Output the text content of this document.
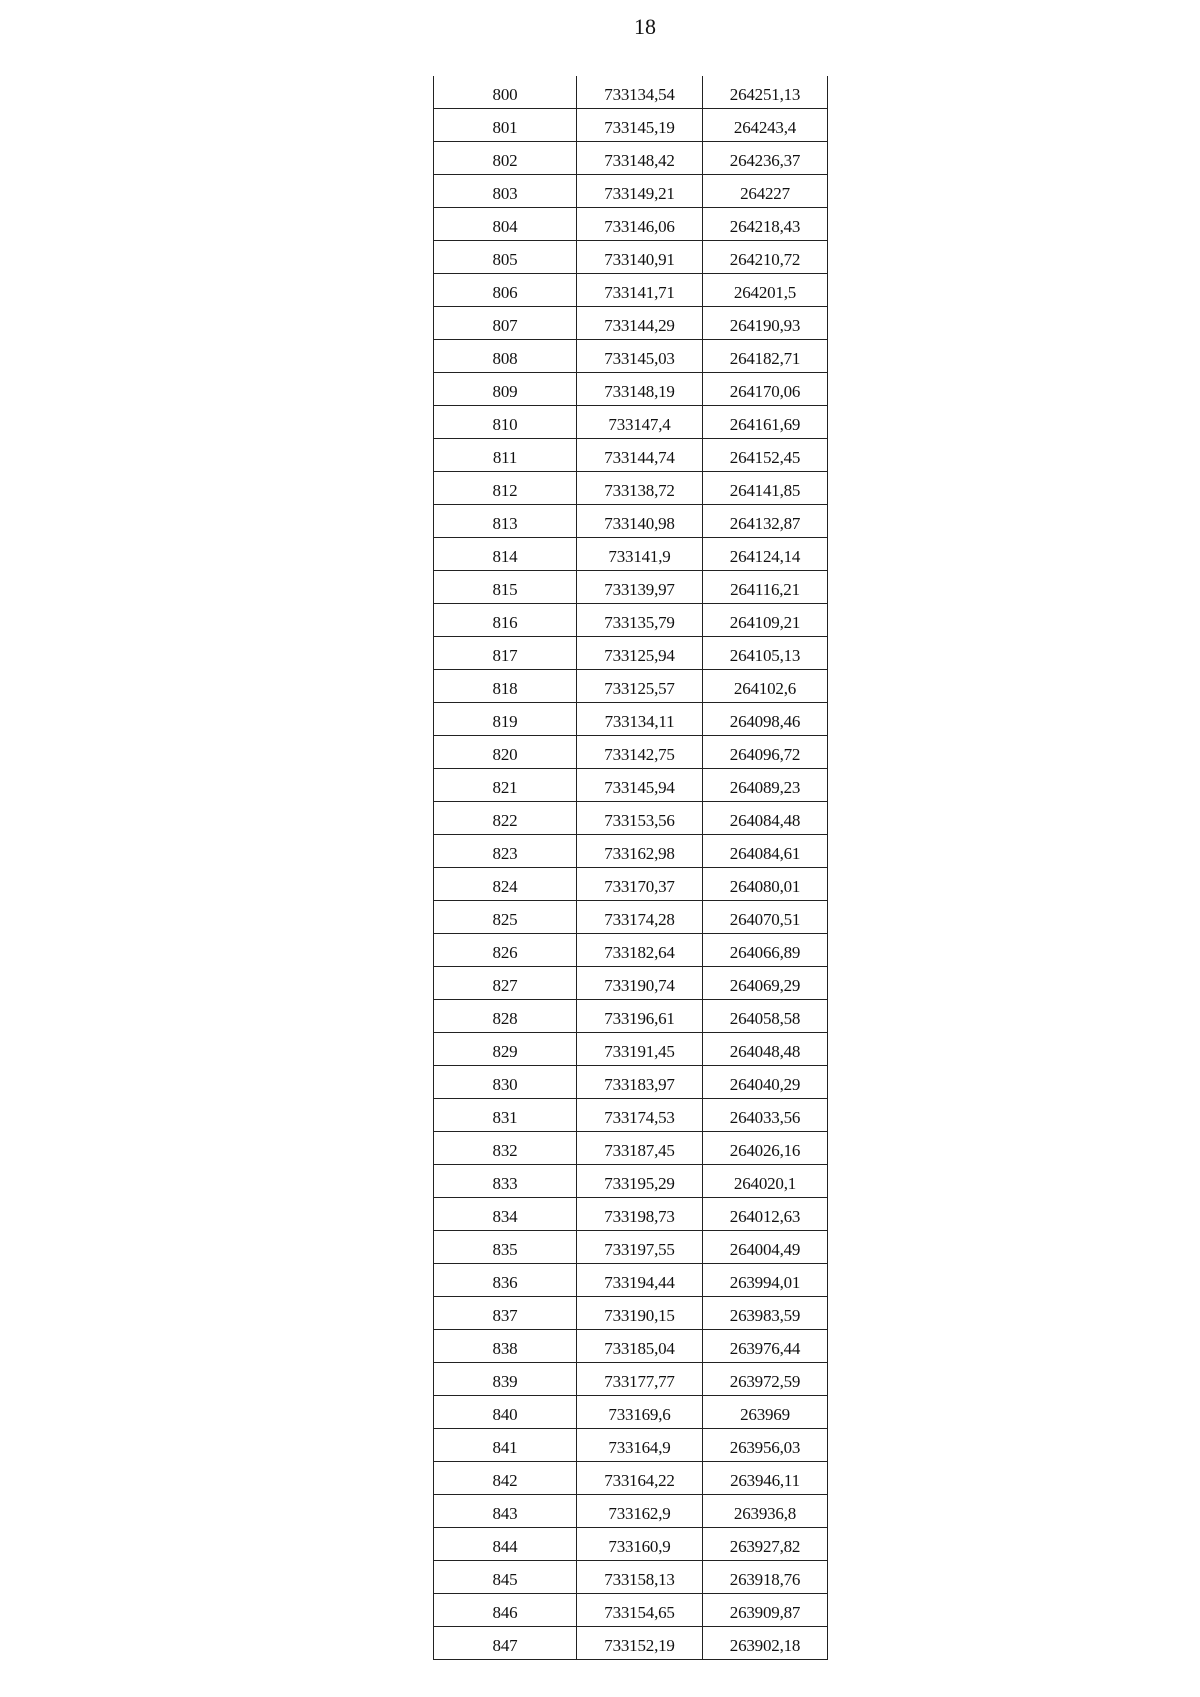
18
800	733134,54	264251,13
801	733145,19	264243,4
802	733148,42	264236,37
803	733149,21	264227
804	733146,06	264218,43
805	733140,91	264210,72
806	733141,71	264201,5
807	733144,29	264190,93
808	733145,03	264182,71
809	733148,19	264170,06
810	733147,4	264161,69
811	733144,74	264152,45
812	733138,72	264141,85
813	733140,98	264132,87
814	733141,9	264124,14
815	733139,97	264116,21
816	733135,79	264109,21
817	733125,94	264105,13
818	733125,57	264102,6
819	733134,11	264098,46
820	733142,75	264096,72
821	733145,94	264089,23
822	733153,56	264084,48
823	733162,98	264084,61
824	733170,37	264080,01
825	733174,28	264070,51
826	733182,64	264066,89
827	733190,74	264069,29
828	733196,61	264058,58
829	733191,45	264048,48
830	733183,97	264040,29
831	733174,53	264033,56
832	733187,45	264026,16
833	733195,29	264020,1
834	733198,73	264012,63
835	733197,55	264004,49
836	733194,44	263994,01
837	733190,15	263983,59
838	733185,04	263976,44
839	733177,77	263972,59
840	733169,6	263969
841	733164,9	263956,03
842	733164,22	263946,11
843	733162,9	263936,8
844	733160,9	263927,82
845	733158,13	263918,76
846	733154,65	263909,87
847	733152,19	263902,18
